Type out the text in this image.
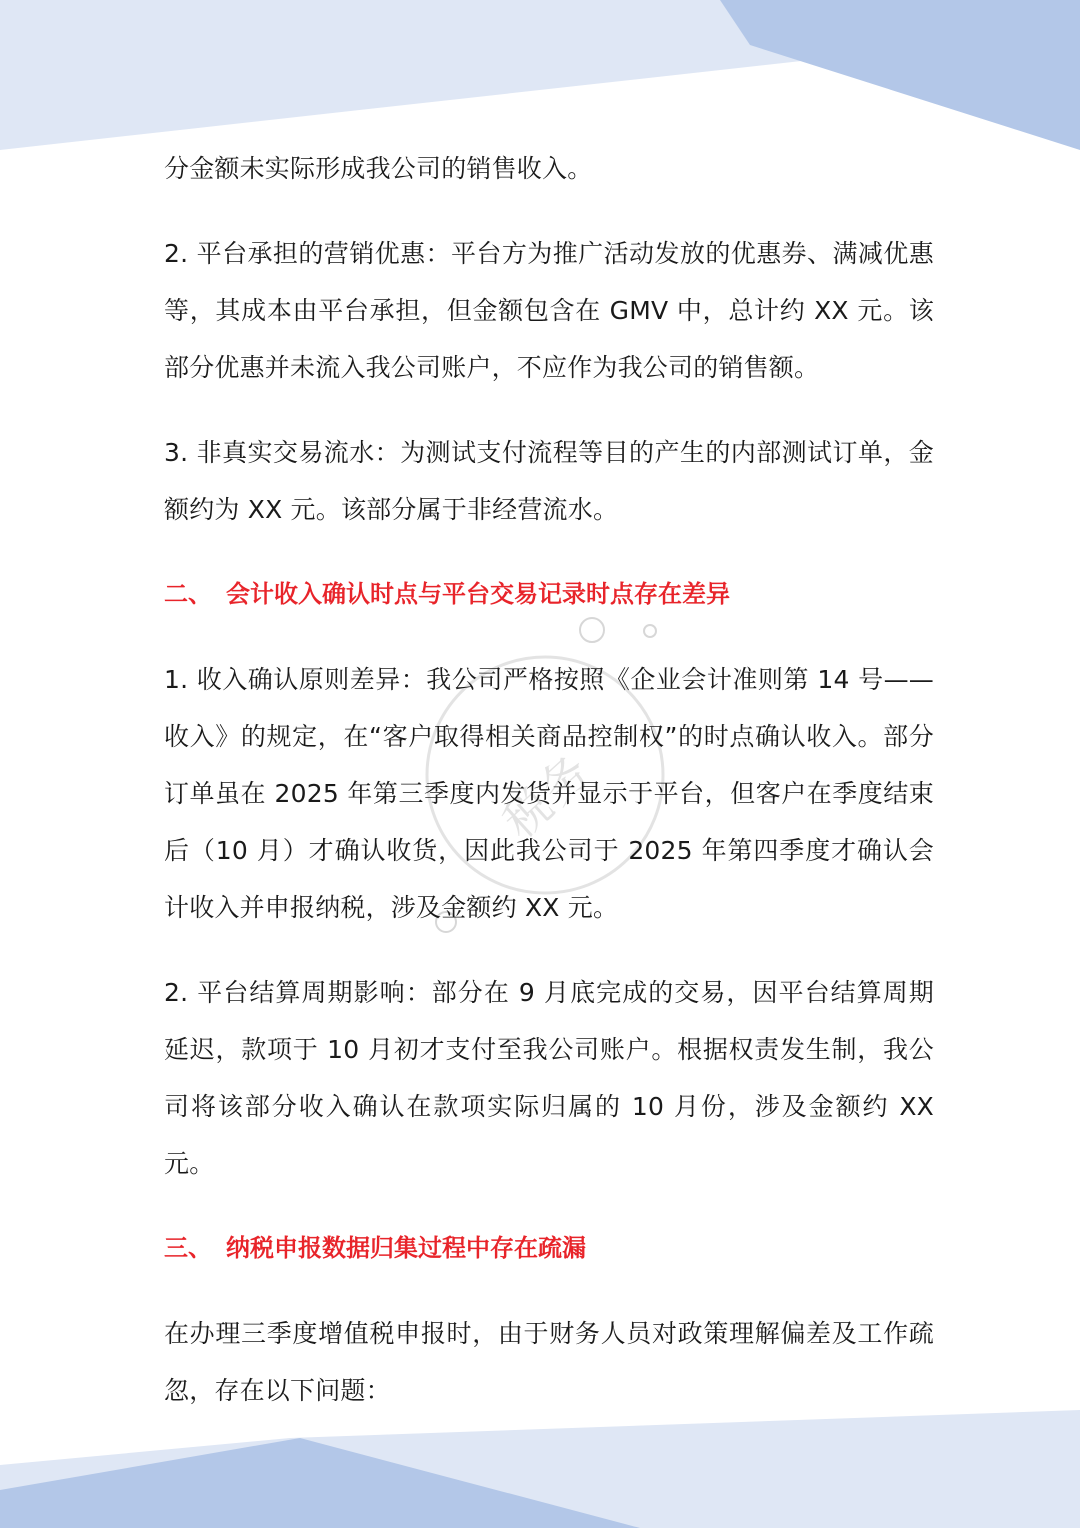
税务

分金额未实际形成我公司的销售收入。

2. 平台承担的营销优惠：平台方为推广活动发放的优惠券、满减优惠等，其成本由平台承担，但金额包含在 GMV 中，总计约 XX 元。该部分优惠并未流入我公司账户，不应作为我公司的销售额。

3. 非真实交易流水：为测试支付流程等目的产生的内部测试订单，金额约为 XX 元。该部分属于非经营流水。

二、 会计收入确认时点与平台交易记录时点存在差异

1. 收入确认原则差异：我公司严格按照《企业会计准则第 14 号——收入》的规定，在“客户取得相关商品控制权”的时点确认收入。部分订单虽在 2025 年第三季度内发货并显示于平台，但客户在季度结束后（10 月）才确认收货，因此我公司于 2025 年第四季度才确认会计收入并申报纳税，涉及金额约 XX 元。

2. 平台结算周期影响：部分在 9 月底完成的交易，因平台结算周期延迟，款项于 10 月初才支付至我公司账户。根据权责发生制，我公司将该部分收入确认在款项实际归属的 10 月份，涉及金额约 XX 元。

三、 纳税申报数据归集过程中存在疏漏

在办理三季度增值税申报时，由于财务人员对政策理解偏差及工作疏忽，存在以下问题：
